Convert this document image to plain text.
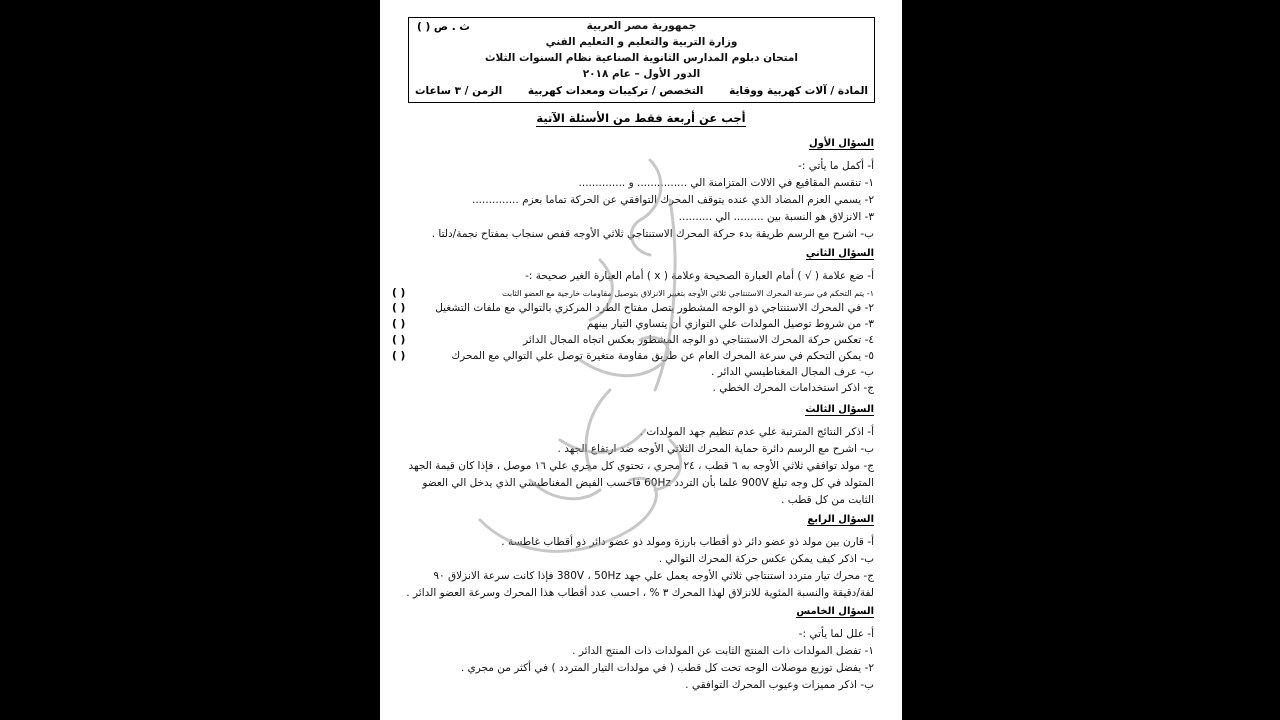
ث . ص ( )	جمهورية مصر العربية
وزارة التربية والتعليم و التعليم الفني
امتحان دبلوم المدارس الثانوية الصناعية نظام السنوات الثلاث
الدور الأول – عام ٢٠١٨
المادة / آلات كهربية ووقاية
التخصص / تركيبات ومعدات كهربية
الزمن / ٣ ساعات
أجب عن أربعة فقط من الأسئلة الآتية
السؤال الأول
أ- أكمل ما يأتي :-
١- تنقسم المقاقيع في الالات المتزامنة الي ............... و ..............
٢- يسمي العزم المضاد الذي عنده يتوقف المحرك التوافقي عن الحركة تماما بعزم ..............
٣- الانزلاق هو النسبة بين ......... الي ..........
ب- اشرح مع الرسم طريقة بدء حركة المحرك الاستنتاجي ثلاثي الأوجه قفص سنجاب بمفتاح نجمة/دلتا .
السؤال الثاني
أ- ضع علامة ( √ ) أمام العبارة الصحيحة وعلامة ( x ) أمام العبارة الغير صحيحة :-
١- يتم التحكم في سرعة المحرك الاستنتاجي ثلاثي الأوجه بتغيير الانزلاق بتوصيل مقاومات خارجية مع العضو الثابت
( )
٢- في المحرك الاستنتاجي ذو الوجه المشطور يتصل مفتاح الطرد المركزي بالتوالي مع ملفات التشغيل
( )
٣- من شروط توصيل المولدات علي التوازي أن يتساوي التيار بينهم
( )
٤- تعكس حركة المحرك الاستنتاجي ذو الوجه المشطور بعكس اتجاه المجال الدائر
( )
٥- يمكن التحكم في سرعة المحرك العام عن طريق مقاومة متغيرة توصل علي التوالي مع المحرك
( )
ب- عرف المجال المغناطيسي الدائر .
ج- اذكر استخدامات المحرك الخطي .
السؤال الثالث
أ- اذكر النتائج المترتبة علي عدم تنظيم جهد المولدات .
ب- اشرح مع الرسم دائرة حماية المحرك الثلاثي الأوجه ضد ارتفاع الجهد .
ج- مولد توافقي ثلاثي الأوجه به ٦ قطب ، ٢٤ مجري ، تحتوي كل مجري علي ١٦ موصل ، فإذا كان قيمة الجهد
المتولد في كل وجه تبلغ 900V علما بأن التردد 60Hz فاحسب الفيض المغناطيسي الذي يدخل الي العضو
الثابت من كل قطب .
السؤال الرابع
أ- قارن بين مولد ذو عضو دائر ذو أقطاب بارزة ومولد ذو عضو دائر ذو أقطاب غاطسة .
ب- اذكر كيف يمكن عكس حركة المحرك التوالي .
ج- محرك تيار متردد استنتاجي ثلاثي الأوجه يعمل علي جهد 380V ، 50Hz فإذا كانت سرعة الانزلاق ٩٠
لفة/دقيقة والنسبة المئوية للانزلاق لهذا المحرك ٣ % ، احسب عدد أقطاب هذا المحرك وسرعة العضو الدائر .
السؤال الخامس
أ- علل لما يأتي :-
١- تفضل المولدات ذات المنتج الثابت عن المولدات ذات المنتج الدائر .
٢- يفضل توزيع موصلات الوجه تحت كل قطب ( في مولدات التيار المتردد ) في أكثر من مجري .
ب- اذكر مميزات وعيوب المحرك التوافقي .
